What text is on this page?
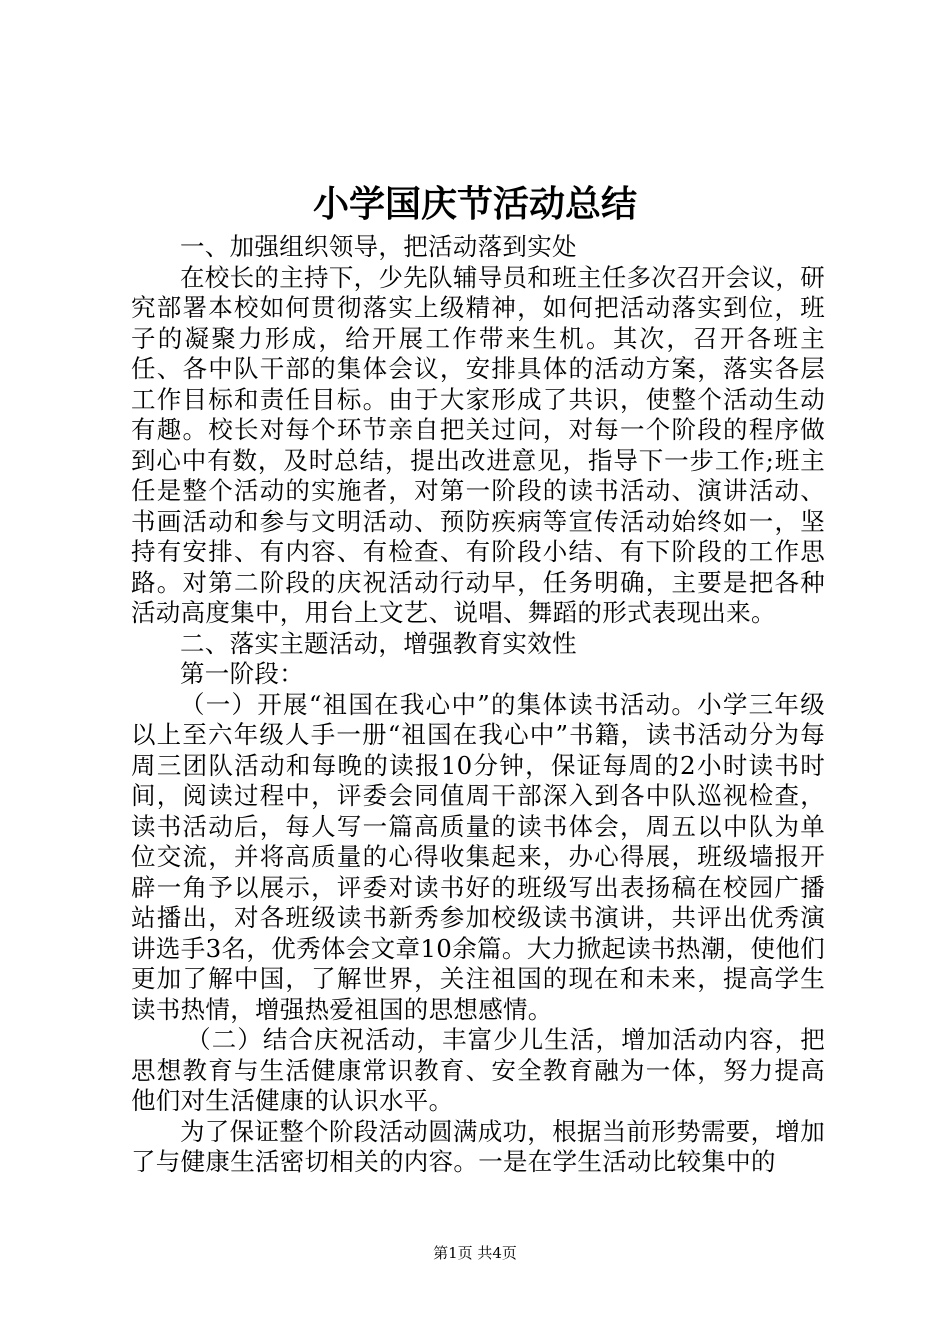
小学国庆节活动总结

一、加强组织领导，把活动落到实处

在校长的主持下，少先队辅导员和班主任多次召开会议，研究部署本校如何贯彻落实上级精神，如何把活动落实到位，班子的凝聚力形成，给开展工作带来生机。其次，召开各班主任、各中队干部的集体会议，安排具体的活动方案，落实各层工作目标和责任目标。由于大家形成了共识，使整个活动生动有趣。校长对每个环节亲自把关过问，对每一个阶段的程序做到心中有数，及时总结，提出改进意见，指导下一步工作;班主任是整个活动的实施者，对第一阶段的读书活动、演讲活动、书画活动和参与文明活动、预防疾病等宣传活动始终如一，坚持有安排、有内容、有检查、有阶段小结、有下阶段的工作思路。对第二阶段的庆祝活动行动早，任务明确，主要是把各种活动高度集中，用台上文艺、说唱、舞蹈的形式表现出来。

二、落实主题活动，增强教育实效性

第一阶段：

（一）开展“祖国在我心中”的集体读书活动。小学三年级以上至六年级人手一册“祖国在我心中”书籍，读书活动分为每周三团队活动和每晚的读报10分钟，保证每周的2小时读书时间，阅读过程中，评委会同值周干部深入到各中队巡视检查，读书活动后，每人写一篇高质量的读书体会，周五以中队为单位交流，并将高质量的心得收集起来，办心得展，班级墙报开辟一角予以展示，评委对读书好的班级写出表扬稿在校园广播站播出，对各班级读书新秀参加校级读书演讲，共评出优秀演讲选手3名，优秀体会文章10余篇。大力掀起读书热潮，使他们更加了解中国，了解世界，关注祖国的现在和未来，提高学生读书热情，增强热爱祖国的思想感情。

（二）结合庆祝活动，丰富少儿生活，增加活动内容，把思想教育与生活健康常识教育、安全教育融为一体，努力提高他们对生活健康的认识水平。

为了保证整个阶段活动圆满成功，根据当前形势需要，增加了与健康生活密切相关的内容。一是在学生活动比较集中的

第1页 共4页
